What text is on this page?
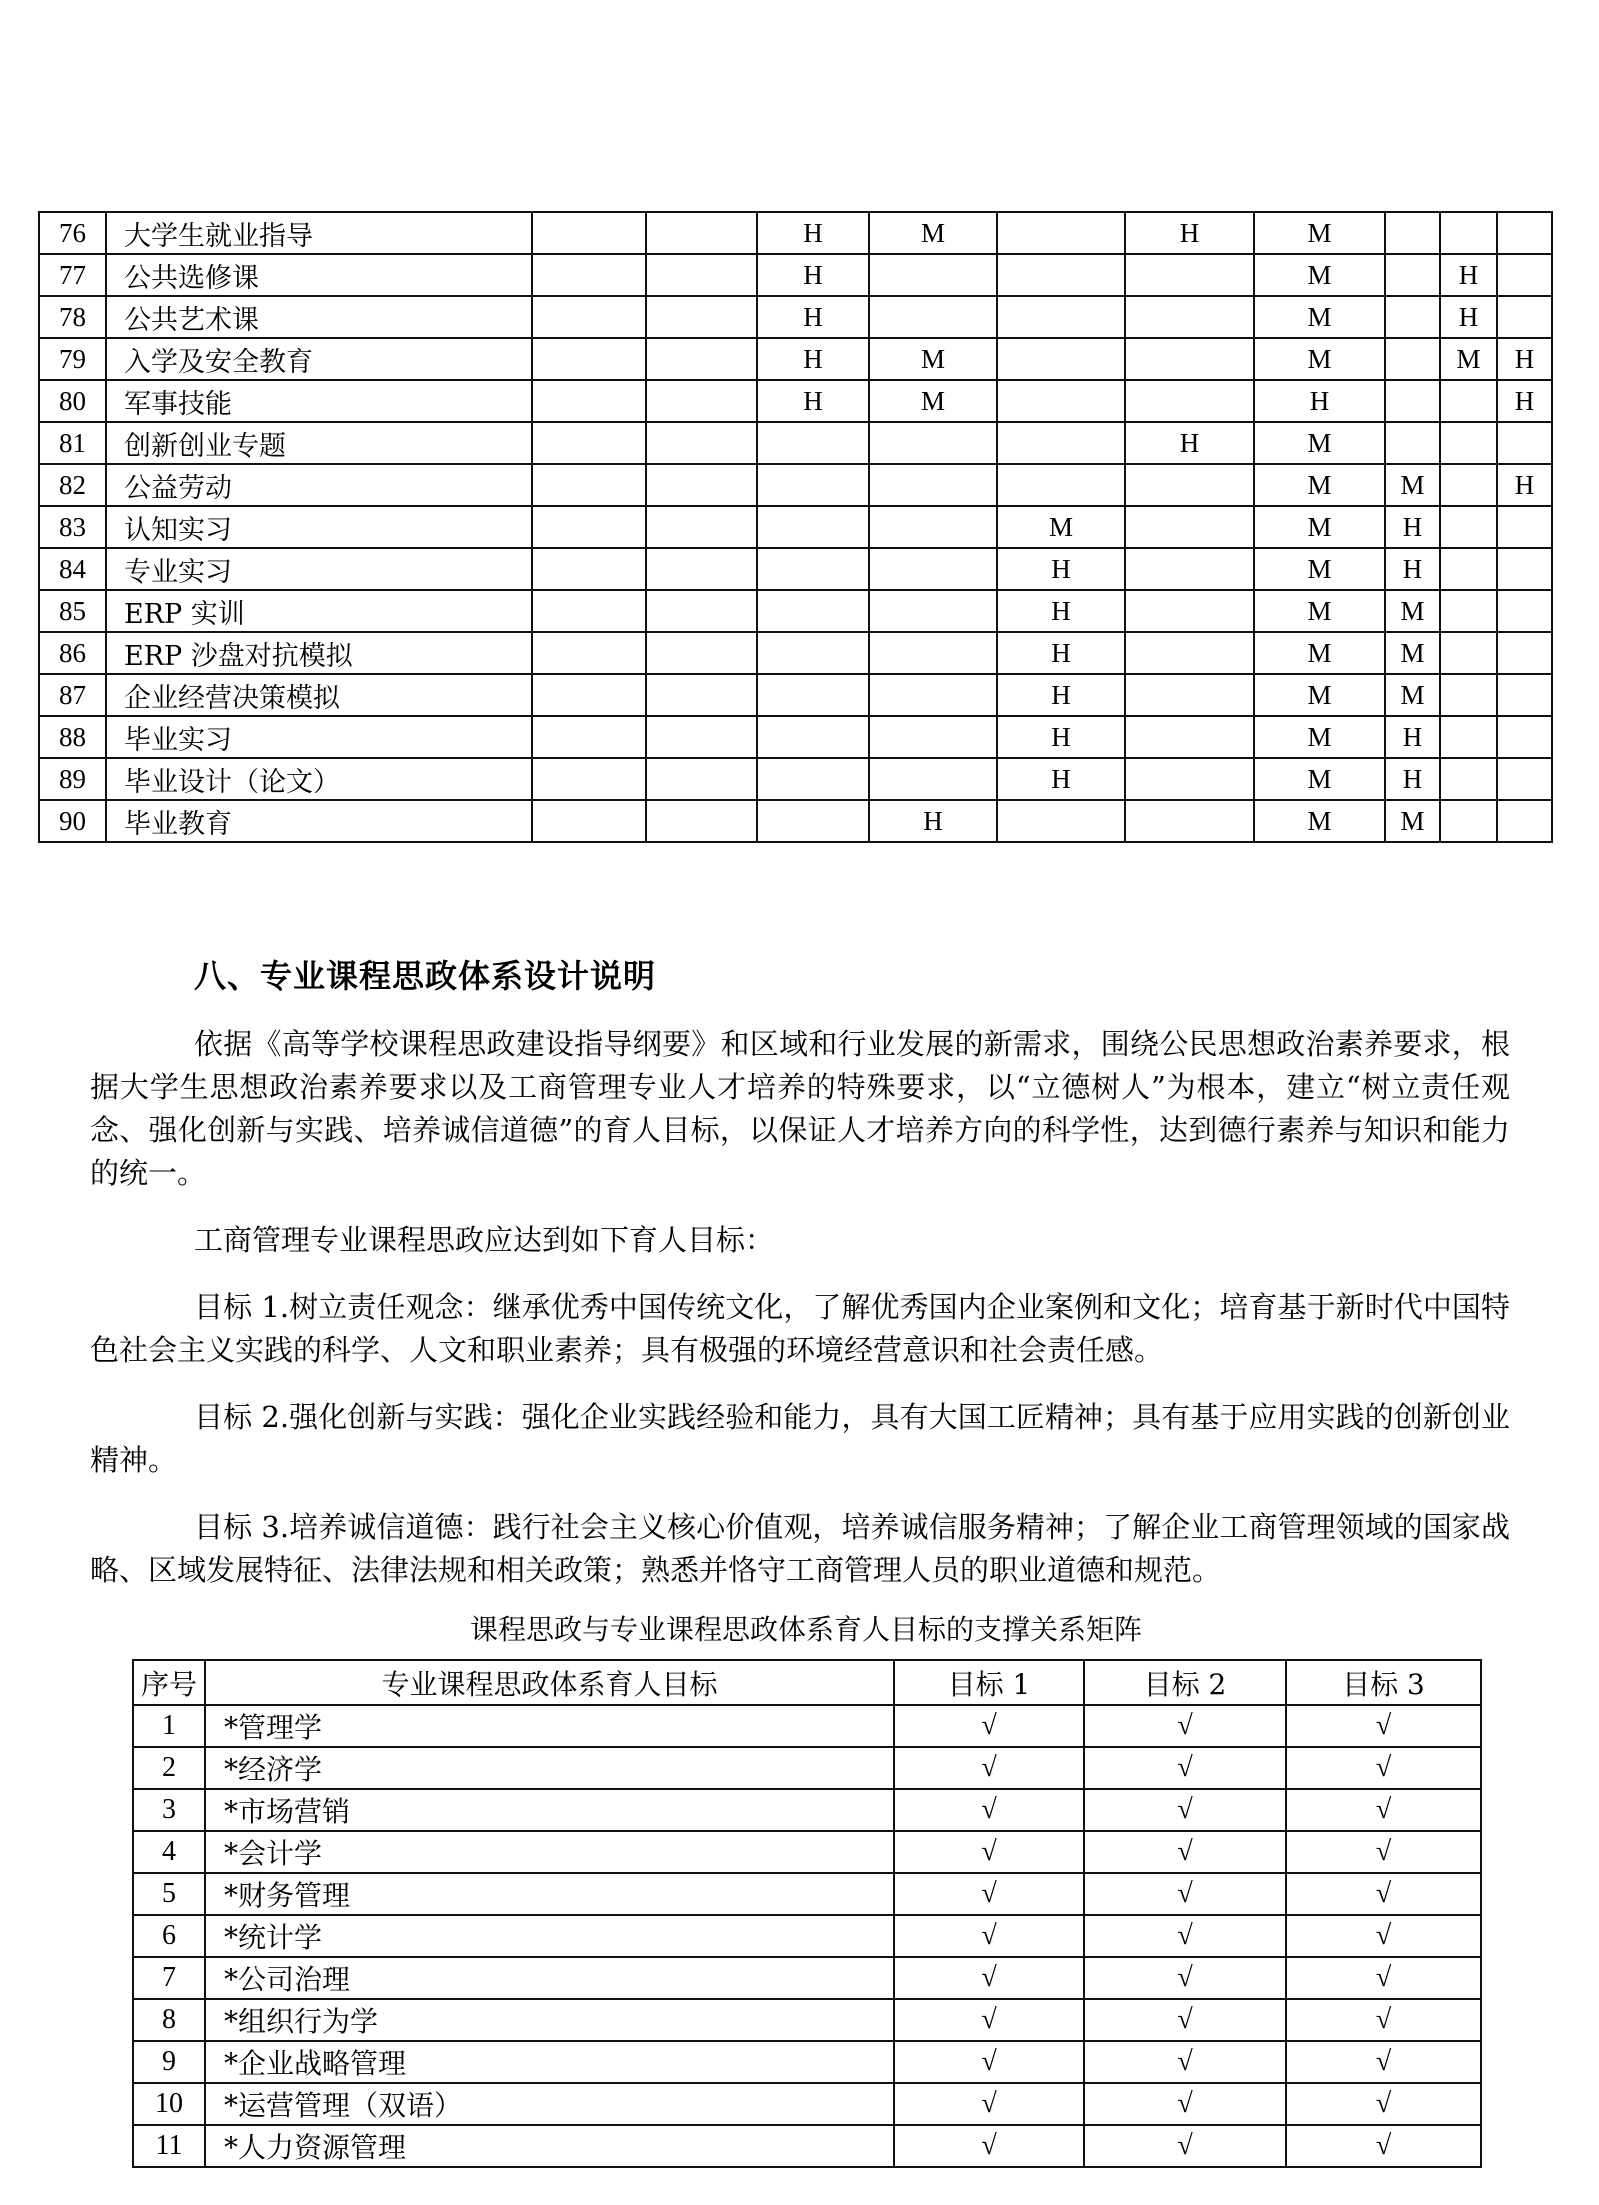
76	大学生就业指导			H	M		H	M			
77	公共选修课			H				M		H	
78	公共艺术课			H				M		H	
79	入学及安全教育			H	M			M		M	H
80	军事技能			H	M			H			H
81	创新创业专题						H	M			
82	公益劳动							M	M		H
83	认知实习					M		M	H		
84	专业实习					H		M	H		
85	ERP 实训					H		M	M		
86	ERP 沙盘对抗模拟					H		M	M		
87	企业经营决策模拟					H		M	M		
88	毕业实习					H		M	H		
89	毕业设计（论文）					H		M	H		
90	毕业教育				H			M	M		
八、专业课程思政体系设计说明

依据《高等学校课程思政建设指导纲要》和区域和行业发展的新需求，围绕公民思想政治素养要求，根据大学生思想政治素养要求以及工商管理专业人才培养的特殊要求，以“立德树人”为根本，建立“树立责任观念、强化创新与实践、培养诚信道德”的育人目标，以保证人才培养方向的科学性，达到德行素养与知识和能力的统一。

工商管理专业课程思政应达到如下育人目标：

目标 1.树立责任观念：继承优秀中国传统文化，了解优秀国内企业案例和文化；培育基于新时代中国特色社会主义实践的科学、人文和职业素养；具有极强的环境经营意识和社会责任感。

目标 2.强化创新与实践：强化企业实践经验和能力，具有大国工匠精神；具有基于应用实践的创新创业精神。

目标 3.培养诚信道德：践行社会主义核心价值观，培养诚信服务精神；了解企业工商管理领域的国家战略、区域发展特征、法律法规和相关政策；熟悉并恪守工商管理人员的职业道德和规范。

课程思政与专业课程思政体系育人目标的支撑关系矩阵
序号	专业课程思政体系育人目标	目标 1	目标 2	目标 3
1	*管理学	√	√	√
2	*经济学	√	√	√
3	*市场营销	√	√	√
4	*会计学	√	√	√
5	*财务管理	√	√	√
6	*统计学	√	√	√
7	*公司治理	√	√	√
8	*组织行为学	√	√	√
9	*企业战略管理	√	√	√
10	*运营管理（双语）	√	√	√
11	*人力资源管理	√	√	√
